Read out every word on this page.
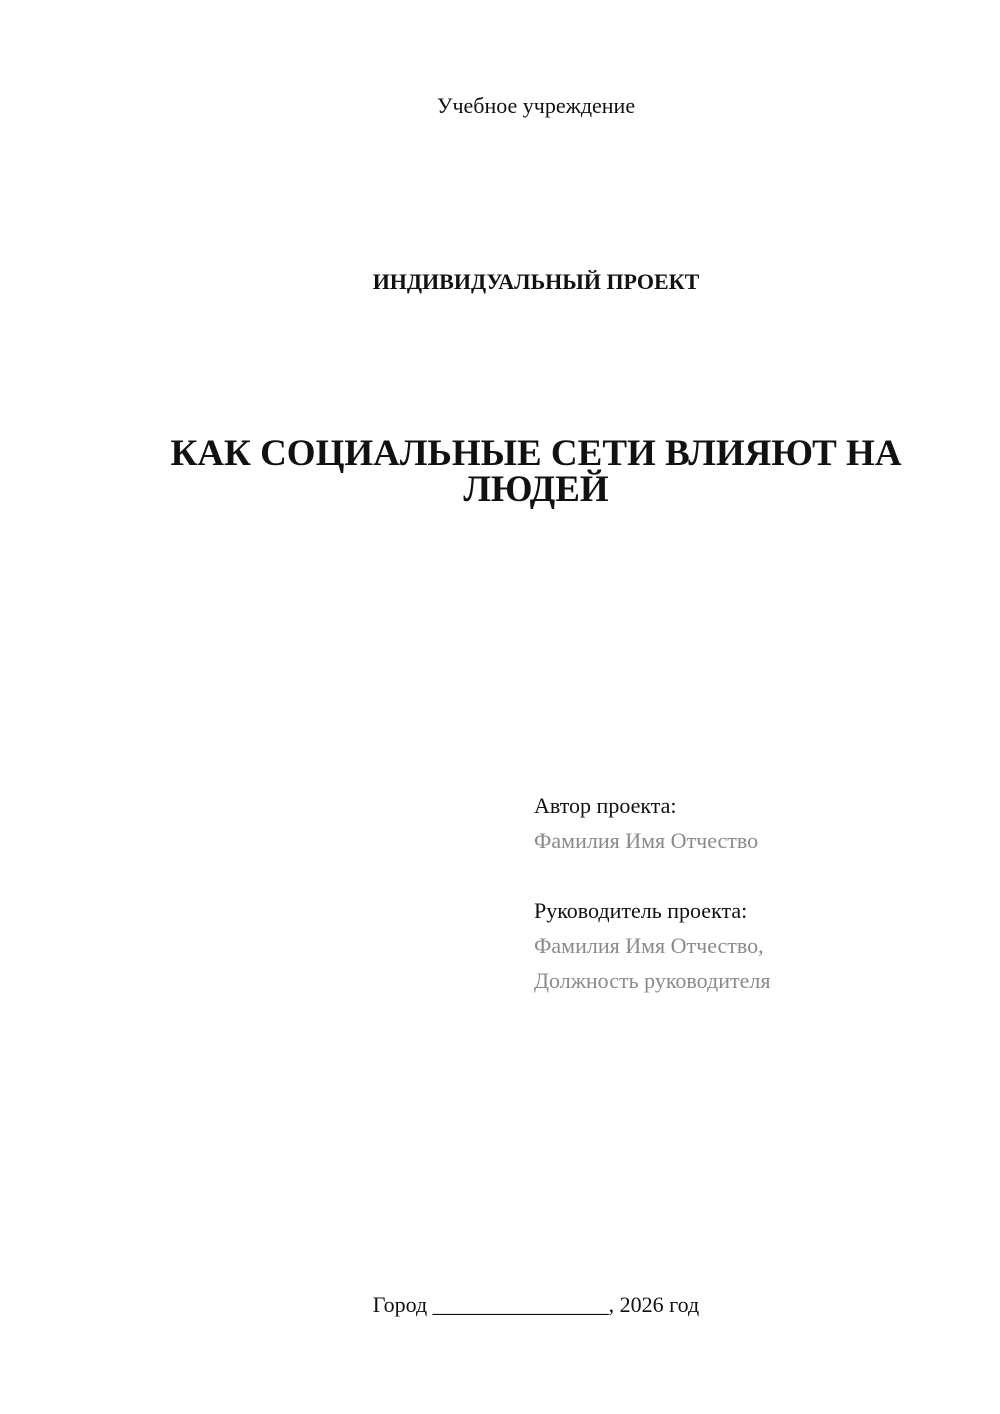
Учебное учреждение
ИНДИВИДУАЛЬНЫЙ ПРОЕКТ
КАК СОЦИАЛЬНЫЕ СЕТИ ВЛИЯЮТ НА ЛЮДЕЙ
Автор проекта:
Фамилия Имя Отчество
Руководитель проекта:
Фамилия Имя Отчество,
Должность руководителя
Город ________________, 2026 год
